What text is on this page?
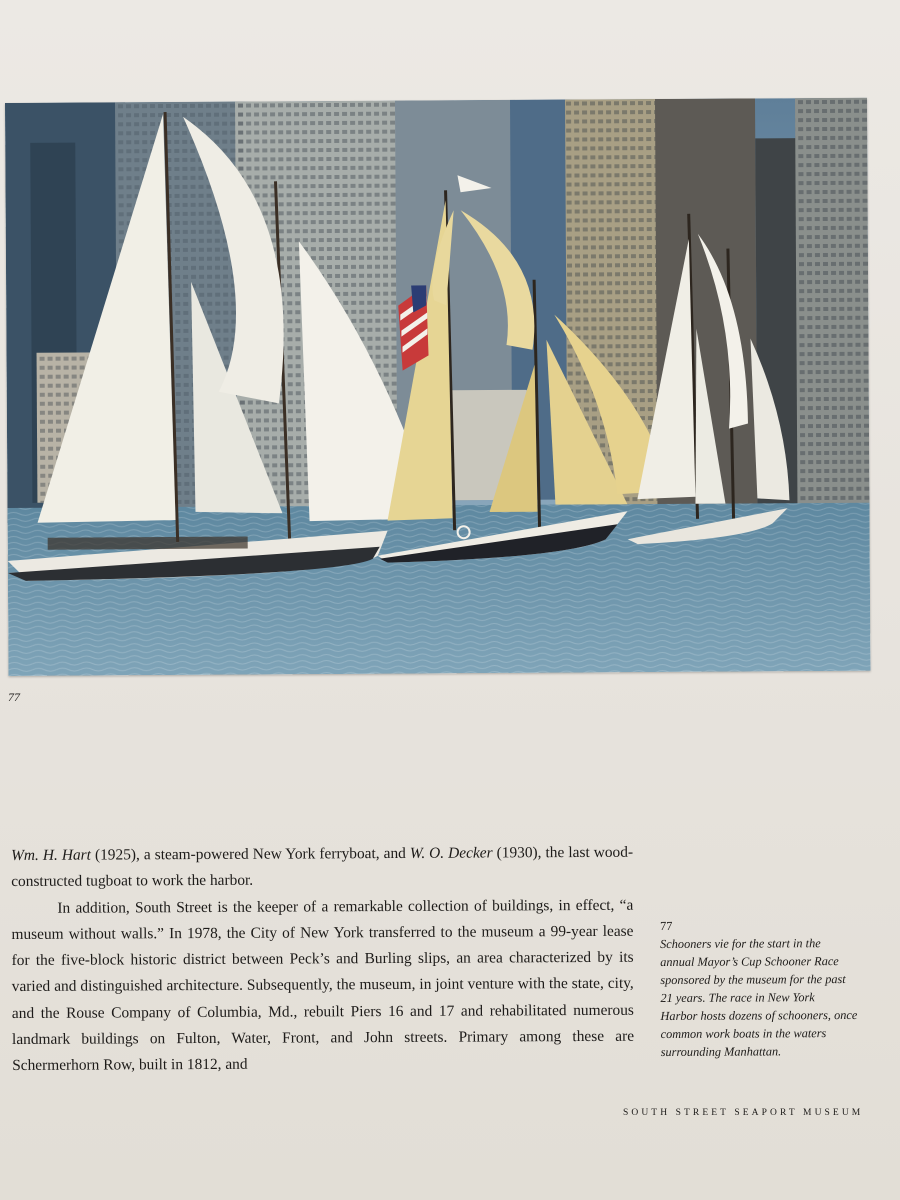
77

Wm. H. Hart (1925), a steam-powered New York ferryboat, and W. O. Decker (1930), the last wood-constructed tugboat to work the harbor.

In addition, South Street is the keeper of a remarkable collection of buildings, in effect, “a museum without walls.” In 1978, the City of New York transferred to the museum a 99-year lease for the five-block historic district between Peck’s and Burling slips, an area characterized by its varied and distinguished architecture. Subsequently, the museum, in joint venture with the state, city, and the Rouse Company of Columbia, Md., rebuilt Piers 16 and 17 and rehabilitated numerous landmark buildings on Fulton, Water, Front, and John streets. Primary among these are Schermerhorn Row, built in 1812, and

77
Schooners vie for the start in the
annual Mayor’s Cup Schooner Race
sponsored by the museum for the past
21 years. The race in New York
Harbor hosts dozens of schooners, once
common work boats in the waters
surrounding Manhattan.
SOUTH STREET SEAPORT MUSEUM
